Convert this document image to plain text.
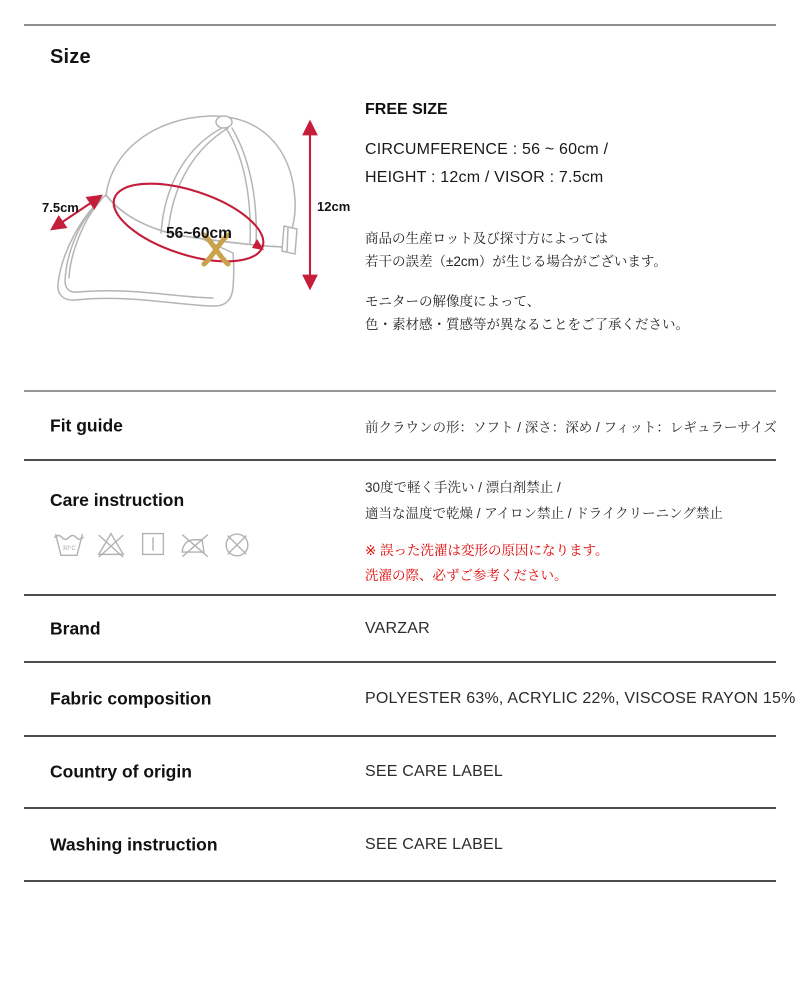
Size
7.5cm	12cm
56~60cm
FREE SIZE
CIRCUMFERENCE : 56 ~ 60cm /
HEIGHT : 12cm / VISOR : 7.5cm
商品の生産ロット及び探寸方によっては
若干の誤差（±2cm）が生じる場合がございます。
モニターの解像度によって、
色・素材感・質感等が異なることをご了承ください。
Fit guide	前クラウンの形：ソフト / 深さ：深め / フィット：レギュラーサイズ
Care instruction
30°C
30度で軽く手洗い / 漂白剤禁止 /
適当な温度で乾燥 / アイロン禁止 / ドライクリーニング禁止
※ 誤った洗濯は変形の原因になります。
洗濯の際、必ずご参考ください。
Brand	VARZAR
Fabric composition	POLYESTER 63%, ACRYLIC 22%, VISCOSE RAYON 15%
Country of origin	SEE CARE LABEL
Washing instruction	SEE CARE LABEL
